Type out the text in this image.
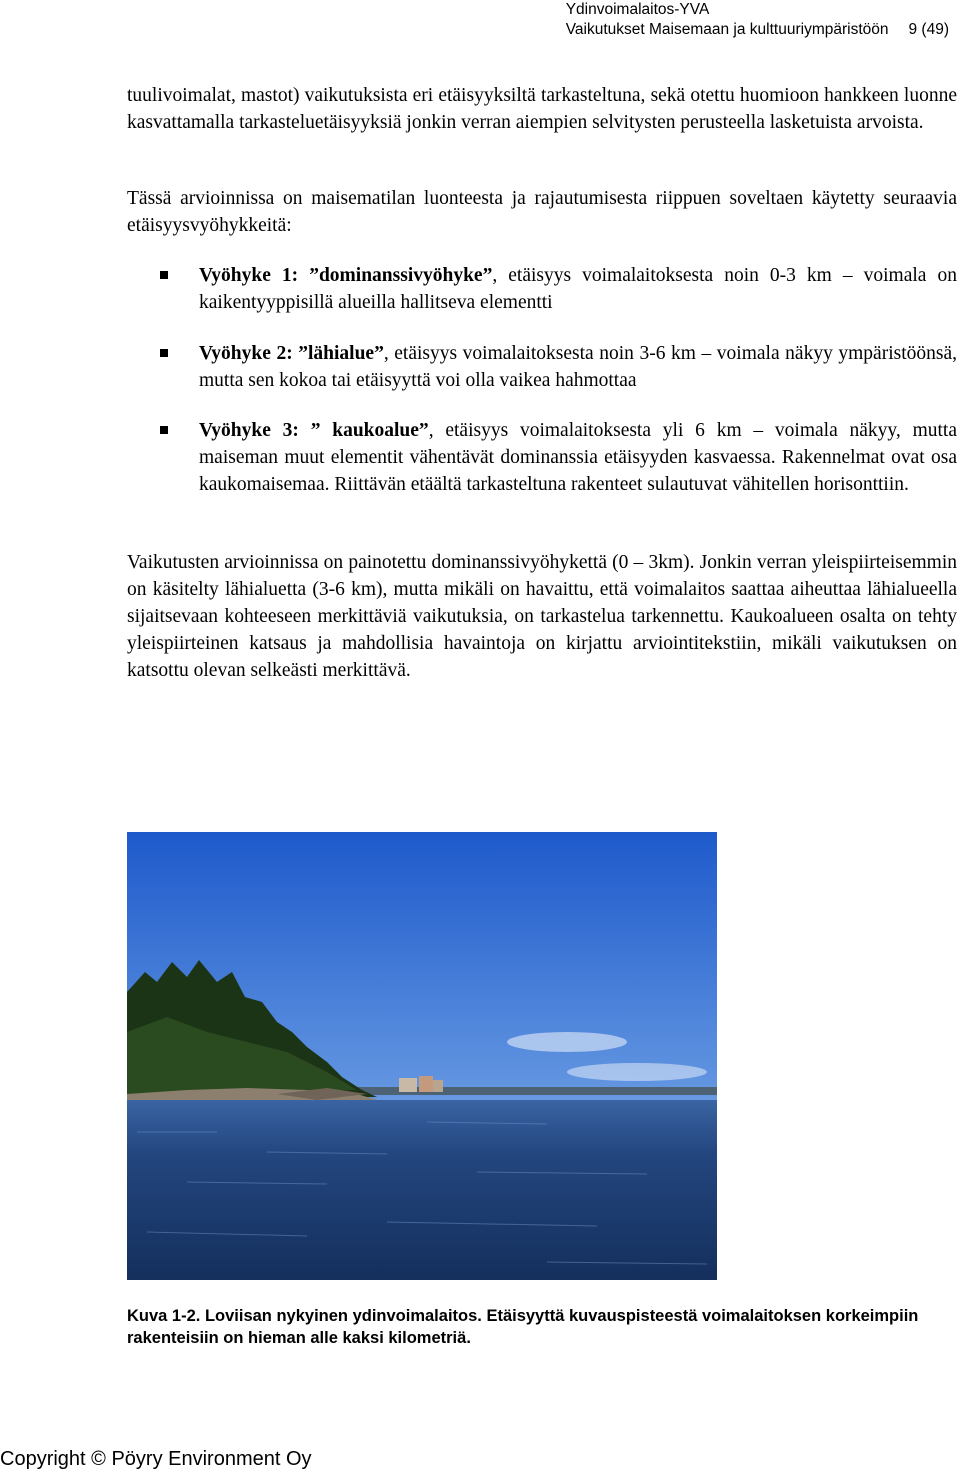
Ydinvoimalaitos-YVA
Vaikutukset Maisemaan ja kulttuuriympäristöön 9 (49)

tuulivoimalat, mastot) vaikutuksista eri etäisyyksiltä tarkasteltuna, sekä otettu huomioon hankkeen luonne kasvattamalla tarkasteluetäisyyksiä jonkin verran aiempien selvitysten perusteella lasketuista arvoista.

Tässä arvioinnissa on maisematilan luonteesta ja rajautumisesta riippuen soveltaen käytetty seuraavia etäisyysvyöhykkeitä:

Vyöhyke 1: ”dominanssivyöhyke”, etäisyys voimalaitoksesta noin 0-3 km – voimala on kaikentyyppisillä alueilla hallitseva elementti
Vyöhyke 2: ”lähialue”, etäisyys voimalaitoksesta noin 3-6 km – voimala näkyy ympäristöönsä, mutta sen kokoa tai etäisyyttä voi olla vaikea hahmottaa
Vyöhyke 3: ” kaukoalue”, etäisyys voimalaitoksesta yli 6 km – voimala näkyy, mutta maiseman muut elementit vähentävät dominanssia etäisyyden kasvaessa. Rakennelmat ovat osa kaukomaisemaa. Riittävän etäältä tarkasteltuna rakenteet sulautuvat vähitellen horisonttiin.

Vaikutusten arvioinnissa on painotettu dominanssivyöhykettä (0 – 3km). Jonkin verran yleispiirteisemmin on käsitelty lähialuetta (3-6 km), mutta mikäli on havaittu, että voimalaitos saattaa aiheuttaa lähialueella sijaitsevaan kohteeseen merkittäviä vaikutuksia, on tarkastelua tarkennettu. Kaukoalueen osalta on tehty yleispiirteinen katsaus ja mahdollisia havaintoja on kirjattu arviointitekstiin, mikäli vaikutuksen on katsottu olevan selkeästi merkittävä.

Kuva 1-2. Loviisan nykyinen ydinvoimalaitos. Etäisyyttä kuvauspisteestä voimalaitoksen korkeimpiin rakenteisiin on hieman alle kaksi kilometriä.
Copyright © Pöyry Environment Oy
